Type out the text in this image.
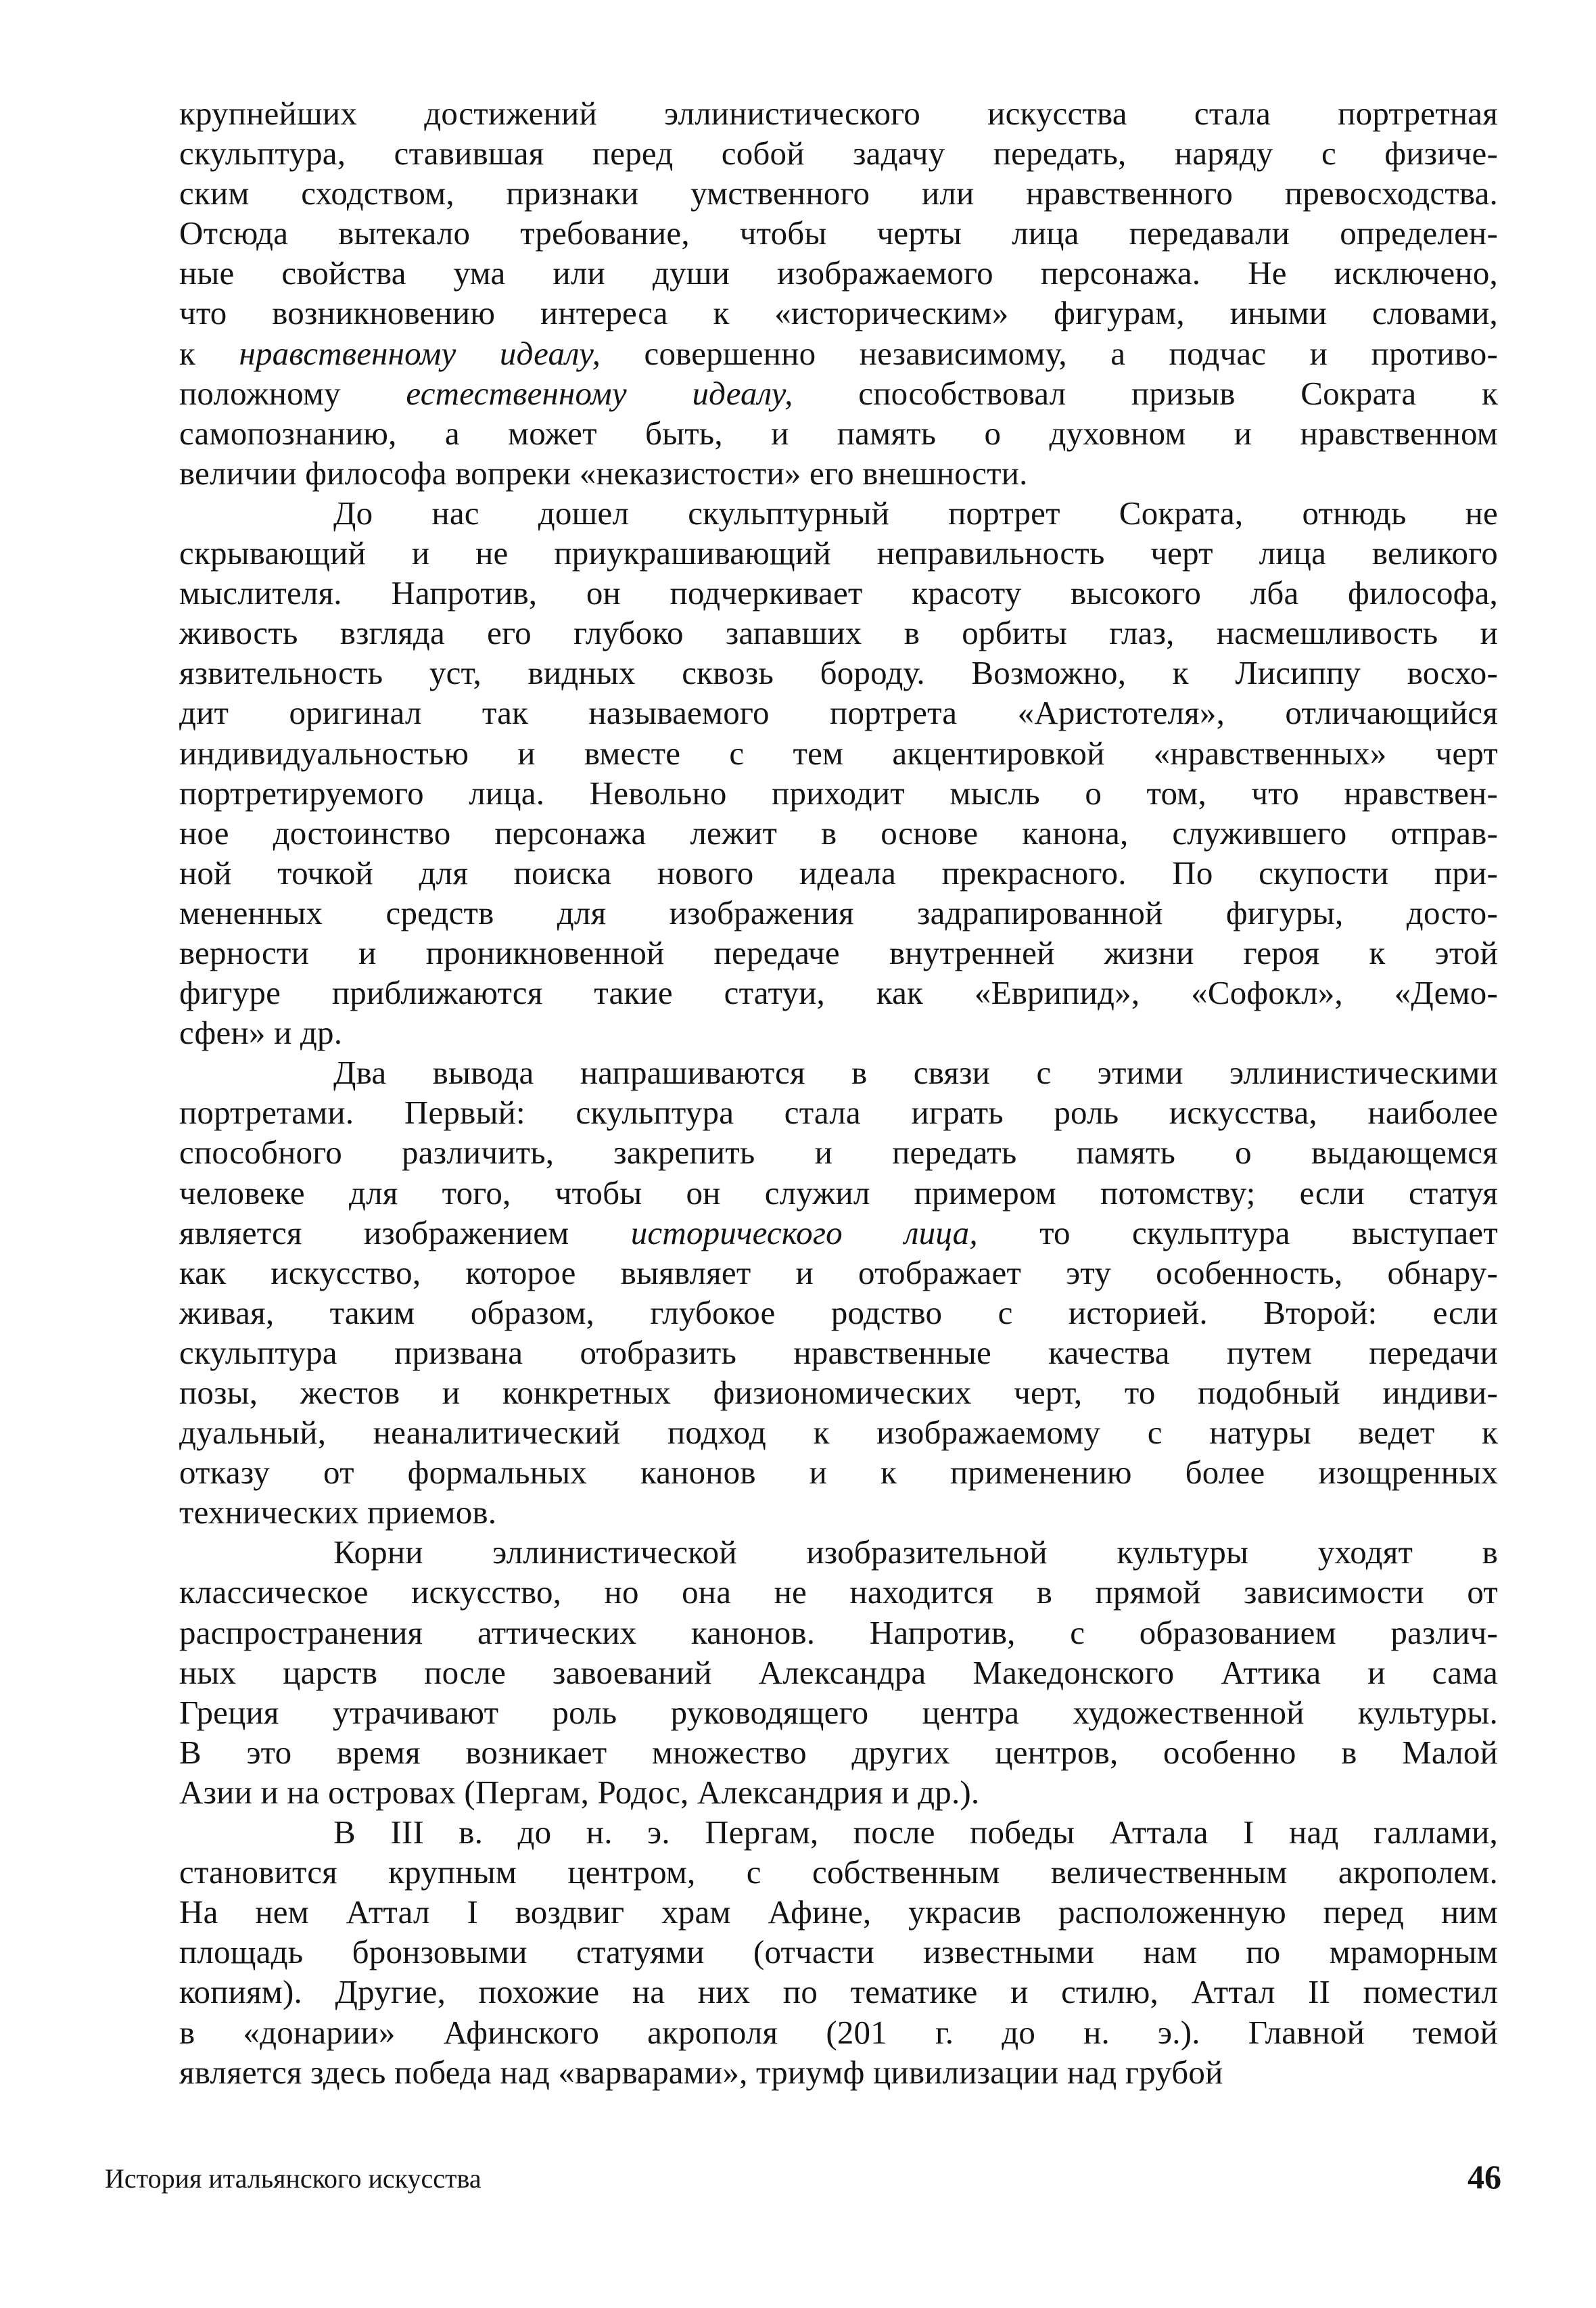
крупнейших достижений эллинистического искусства стала портретная
скульптура, ставившая перед собой задачу передать, наряду с физиче-
ским сходством, признаки умственного или нравственного превосходства.
Отсюда вытекало требование, чтобы черты лица передавали определен-
ные свойства ума или души изображаемого персонажа. Не исключено,
что возникновению интереса к «историческим» фигурам, иными словами,
к нравственному идеалу, совершенно независимому, а подчас и противо-
положному естественному идеалу, способствовал призыв Сократа к
самопознанию, а может быть, и память о духовном и нравственном
величии философа вопреки «неказистости» его внешности.
До нас дошел скульптурный портрет Сократа, отнюдь не
скрывающий и не приукрашивающий неправильность черт лица великого
мыслителя. Напротив, он подчеркивает красоту высокого лба философа,
живость взгляда его глубоко запавших в орбиты глаз, насмешливость и
язвительность уст, видных сквозь бороду. Возможно, к Лисиппу восхо-
дит оригинал так называемого портрета «Аристотеля», отличающийся
индивидуальностью и вместе с тем акцентировкой «нравственных» черт
портретируемого лица. Невольно приходит мысль о том, что нравствен-
ное достоинство персонажа лежит в основе канона, служившего отправ-
ной точкой для поиска нового идеала прекрасного. По скупости при-
мененных средств для изображения задрапированной фигуры, досто-
верности и проникновенной передаче внутренней жизни героя к этой
фигуре приближаются такие статуи, как «Еврипид», «Софокл», «Демо-
сфен» и др.
Два вывода напрашиваются в связи с этими эллинистическими
портретами. Первый: скульптура стала играть роль искусства, наиболее
способного различить, закрепить и передать память о выдающемся
человеке для того, чтобы он служил примером потомству; если статуя
является изображением исторического лица, то скульптура выступает
как искусство, которое выявляет и отображает эту особенность, обнару-
живая, таким образом, глубокое родство с историей. Второй: если
скульптура призвана отобразить нравственные качества путем передачи
позы, жестов и конкретных физиономических черт, то подобный индиви-
дуальный, неаналитический подход к изображаемому с натуры ведет к
отказу от формальных канонов и к применению более изощренных
технических приемов.
Корни эллинистической изобразительной культуры уходят в
классическое искусство, но она не находится в прямой зависимости от
распространения аттических канонов. Напротив, с образованием различ-
ных царств после завоеваний Александра Македонского Аттика и сама
Греция утрачивают роль руководящего центра художественной культуры.
В это время возникает множество других центров, особенно в Малой
Азии и на островах (Пергам, Родос, Александрия и др.).
В III в. до н. э. Пергам, после победы Аттала I над галлами,
становится крупным центром, с собственным величественным акрополем.
На нем Аттал I воздвиг храм Афине, украсив расположенную перед ним
площадь бронзовыми статуями (отчасти известными нам по мраморным
копиям). Другие, похожие на них по тематике и стилю, Аттал II поместил
в «донарии» Афинского акрополя (201 г. до н. э.). Главной темой
является здесь победа над «варварами», триумф цивилизации над грубой
История итальянского искусства	46
